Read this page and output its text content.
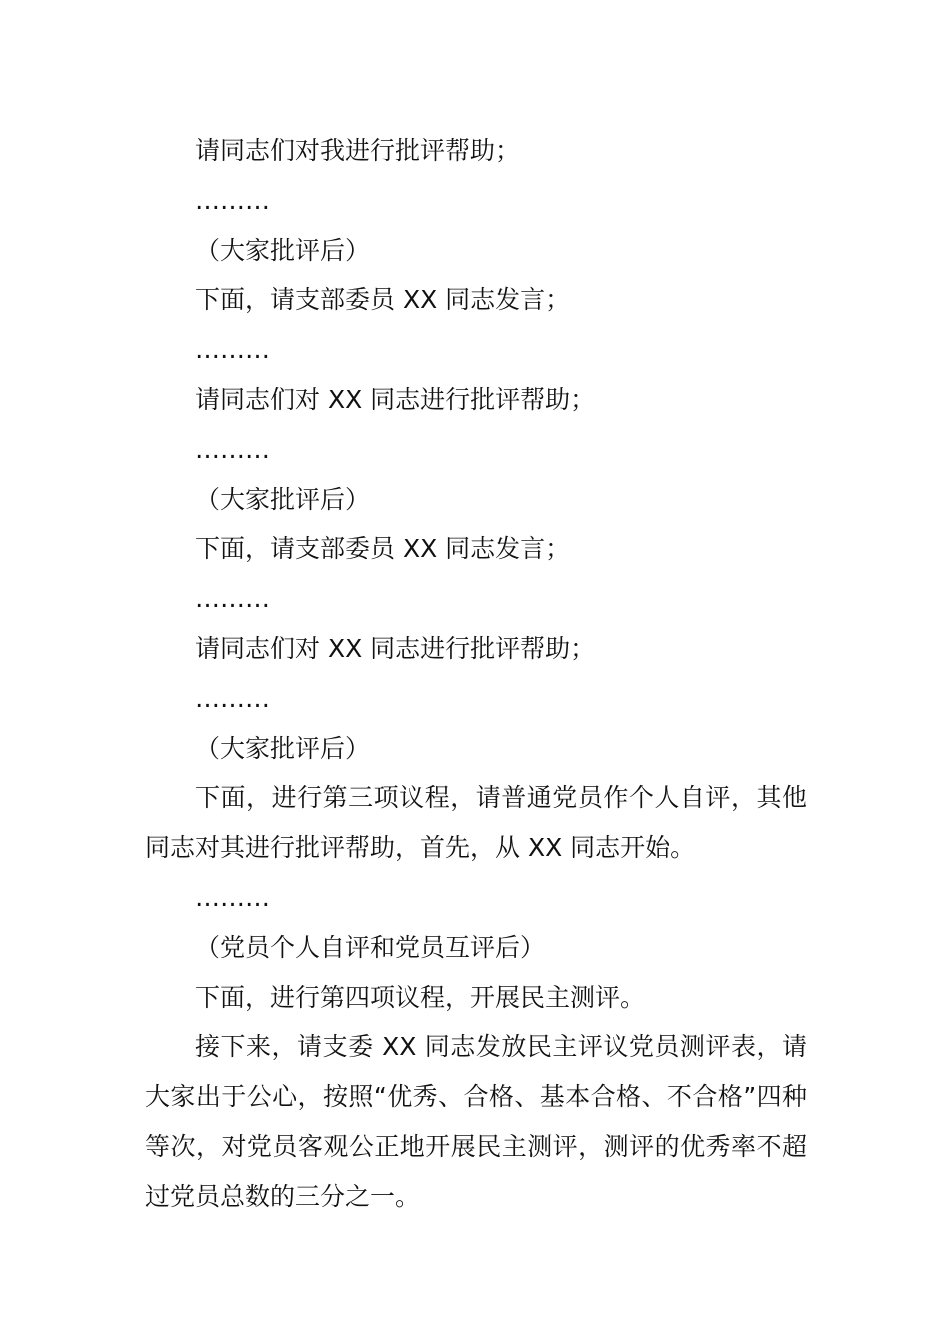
请同志们对我进行批评帮助；

………

（大家批评后）

下面，请支部委员 XX 同志发言；

………

请同志们对 XX 同志进行批评帮助；

………

（大家批评后）

下面，请支部委员 XX 同志发言；

………

请同志们对 XX 同志进行批评帮助；

………

（大家批评后）

下面，进行第三项议程，请普通党员作个人自评，其他同志对其进行批评帮助，首先，从 XX 同志开始。

………

（党员个人自评和党员互评后）

下面，进行第四项议程，开展民主测评。

接下来，请支委 XX 同志发放民主评议党员测评表，请大家出于公心，按照“优秀、合格、基本合格、不合格”四种等次，对党员客观公正地开展民主测评，测评的优秀率不超过党员总数的三分之一。
